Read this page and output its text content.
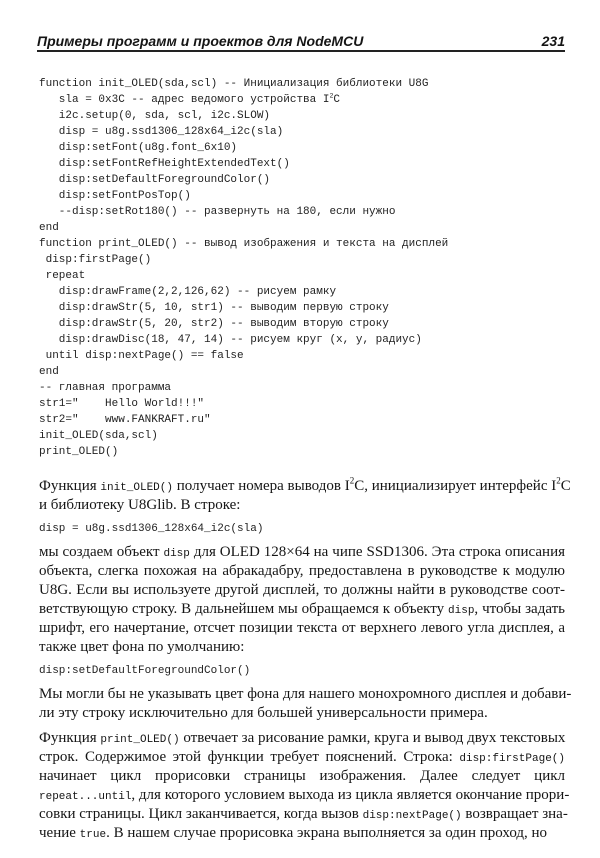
Примеры программ и проектов для NodeMCU	231
function init_OLED(sda,scl) -- Инициализация библиотеки U8G
sla = 0x3C -- адрес ведомого устройства $I^2C$
i2c.setup(0, sda, scl, i2c.SLOW)
disp = u8g.ssd1306_128x64_i2c(sla)
disp:setFont(u8g.font_6x10)
disp:setFontRefHeightExtendedText()
disp:setDefaultForegroundColor()
disp:setFontPosTop()
--disp:setRot180() -- развернуть на 180, если нужно
end
function print_OLED() -- вывод изображения и текста на дисплей
disp:firstPage()
repeat
disp:drawFrame(2,2,126,62) -- рисуем рамку
disp:drawStr(5, 10, str1) -- выводим первую строку
disp:drawStr(5, 20, str2) -- выводим вторую строку
disp:drawDisc(18, 47, 14) -- рисуем круг (x, y, радиус)
until disp:nextPage() == false
end
-- главная программа
str1="    Hello World!!!"
str2="    www.FANKRAFT.ru"
init_OLED(sda,scl)
print_OLED()
Функция init_OLED() получает номера выводов $I^2C$, инициализирует интерфейс $I^2C$
и библиотеку U8Glib. В строке:
disp = u8g.ssd1306_128x64_i2c(sla)
мы создаем объект disp для OLED 128×64 на чипе SSD1306. Эта строка описания
объекта, слегка похожая на абракадабру, предоставлена в руководстве к модулю
U8G. Если вы используете другой дисплей, то должны найти в руководстве соот-
ветствующую строку. В дальнейшем мы обращаемся к объекту disp, чтобы задать
шрифт, его начертание, отсчет позиции текста от верхнего левого угла дисплея, а
также цвет фона по умолчанию:
disp:setDefaultForegroundColor()
Мы могли бы не указывать цвет фона для нашего монохромного дисплея и добави-
ли эту строку исключительно для большей универсальности примера.
Функция print_OLED() отвечает за рисование рамки, круга и вывод двух текстовых
строк. Содержимое этой функции требует пояснений. Строка: disp:firstPage()
начинает цикл прорисовки страницы изображения. Далее следует цикл
repeat...until, для которого условием выхода из цикла является окончание прори-
совки страницы. Цикл заканчивается, когда вызов disp:nextPage() возвращает зна-
чение true. В нашем случае прорисовка экрана выполняется за один проход, но
